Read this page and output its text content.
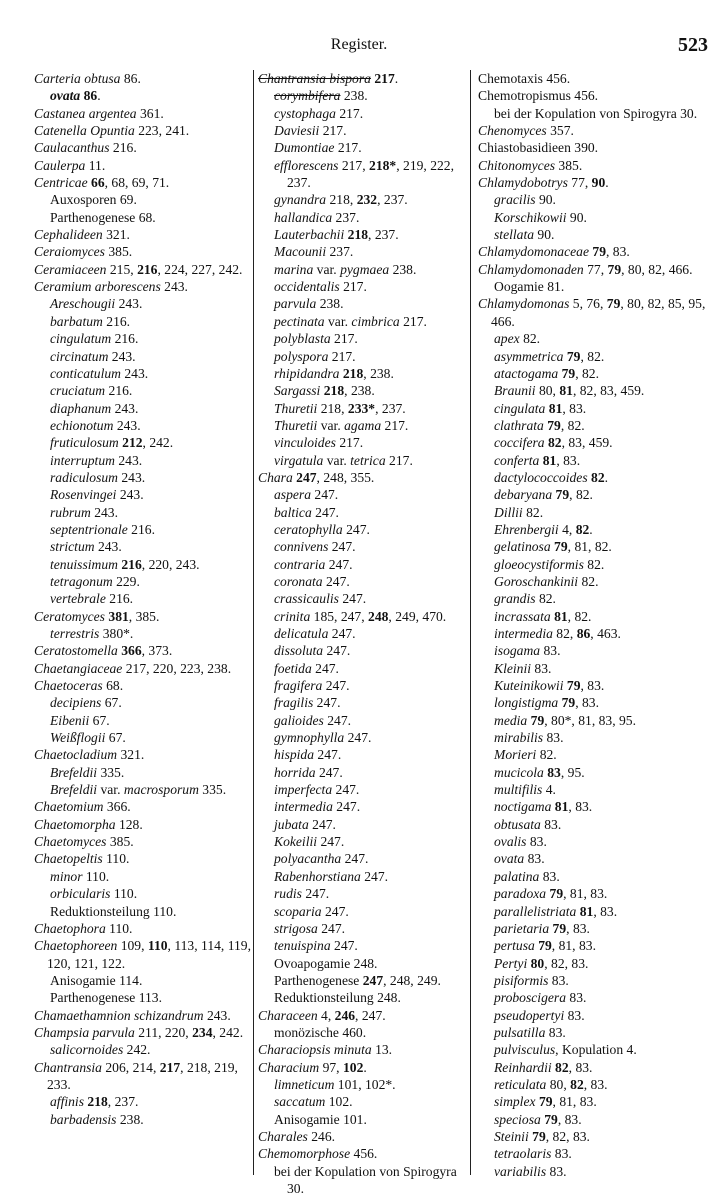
Register.	523
Carteria obtusa 86.
ovata 86.
Castanea argentea 361.
Catenella Opuntia 223, 241.
Caulacanthus 216.
Caulerpa 11.
Centricae 66, 68, 69, 71.
Auxosporen 69.
Parthenogenese 68.
Cephalideen 321.
Ceraiomyces 385.
Ceramiaceen 215, 216, 224, 227, 242.
Ceramium arborescens 243.
Areschougii 243.
barbatum 216.
cingulatum 216.
circinatum 243.
conticatulum 243.
cruciatum 216.
diaphanum 243.
echionotum 243.
fruticulosum 212, 242.
interruptum 243.
radiculosum 243.
Rosenvingei 243.
rubrum 243.
septentrionale 216.
strictum 243.
tenuissimum 216, 220, 243.
tetragonum 229.
vertebrale 216.
Ceratomyces 381, 385.
terrestris 380*.
Ceratostomella 366, 373.
Chaetangiaceae 217, 220, 223, 238.
Chaetoceras 68.
decipiens 67.
Eibenii 67.
Weißflogii 67.
Chaetocladium 321.
Brefeldii 335.
Brefeldii var. macrosporum 335.
Chaetomium 366.
Chaetomorpha 128.
Chaetomyces 385.
Chaetopeltis 110.
minor 110.
orbicularis 110.
Reduktionsteilung 110.
Chaetophora 110.
Chaetophoreen 109, 110, 113, 114, 119, 120, 121, 122.
Anisogamie 114.
Parthenogenese 113.
Chamaethamnion schizandrum 243.
Champsia parvula 211, 220, 234, 242.
salicornoides 242.
Chantransia 206, 214, 217, 218, 219, 233.
affinis 218, 237.
barbadensis 238.
Chantransia bispora 217.
corymbifera 238.
cystophaga 217.
Daviesii 217.
Dumontiae 217.
efflorescens 217, 218*, 219, 222, 237.
gynandra 218, 232, 237.
hallandica 237.
Lauterbachii 218, 237.
Macounii 237.
marina var. pygmaea 238.
occidentalis 217.
parvula 238.
pectinata var. cimbrica 217.
polyblasta 217.
polyspora 217.
rhipidandra 218, 238.
Sargassi 218, 238.
Thuretii 218, 233*, 237.
Thuretii var. agama 217.
vinculoides 217.
virgatula var. tetrica 217.
Chara 247, 248, 355.
aspera 247.
baltica 247.
ceratophylla 247.
connivens 247.
contraria 247.
coronata 247.
crassicaulis 247.
crinita 185, 247, 248, 249, 470.
delicatula 247.
dissoluta 247.
foetida 247.
fragifera 247.
fragilis 247.
galioides 247.
gymnophylla 247.
hispida 247.
horrida 247.
imperfecta 247.
intermedia 247.
jubata 247.
Kokeilii 247.
polyacantha 247.
Rabenhorstiana 247.
rudis 247.
scoparia 247.
strigosa 247.
tenuispina 247.
Ovoapogamie 248.
Parthenogenese 247, 248, 249.
Reduktionsteilung 248.
Characeen 4, 246, 247.
monözische 460.
Characiopsis minuta 13.
Characium 97, 102.
limneticum 101, 102*.
saccatum 102.
Anisogamie 101.
Charales 246.
Chemomorphose 456.
bei der Kopulation von Spirogyra 30.
Chemotaxis 456.
Chemotropismus 456.
bei der Kopulation von Spirogyra 30.
Chenomyces 357.
Chiastobasidieen 390.
Chitonomyces 385.
Chlamydobotrys 77, 90.
gracilis 90.
Korschikowii 90.
stellata 90.
Chlamydomonaceae 79, 83.
Chlamydomonaden 77, 79, 80, 82, 466.
Oogamie 81.
Chlamydomonas 5, 76, 79, 80, 82, 85, 95, 466.
apex 82.
asymmetrica 79, 82.
atactogama 79, 82.
Braunii 80, 81, 82, 83, 459.
cingulata 81, 83.
clathrata 79, 82.
coccifera 82, 83, 459.
conferta 81, 83.
dactylococcoides 82.
debaryana 79, 82.
Dillii 82.
Ehrenbergii 4, 82.
gelatinosa 79, 81, 82.
gloeocystiformis 82.
Goroschankinii 82.
grandis 82.
incrassata 81, 82.
intermedia 82, 86, 463.
isogama 83.
Kleinii 83.
Kuteinikowii 79, 83.
longistigma 79, 83.
media 79, 80*, 81, 83, 95.
mirabilis 83.
Morieri 82.
mucicola 83, 95.
multifilis 4.
noctigama 81, 83.
obtusata 83.
ovalis 83.
ovata 83.
palatina 83.
paradoxa 79, 81, 83.
parallelistriata 81, 83.
parietaria 79, 83.
pertusa 79, 81, 83.
Pertyi 80, 82, 83.
pisiformis 83.
proboscigera 83.
pseudopertyi 83.
pulsatilla 83.
pulvisculus, Kopulation 4.
Reinhardii 82, 83.
reticulata 80, 82, 83.
simplex 79, 81, 83.
speciosa 79, 83.
Steinii 79, 82, 83.
tetraolaris 83.
variabilis 83.
